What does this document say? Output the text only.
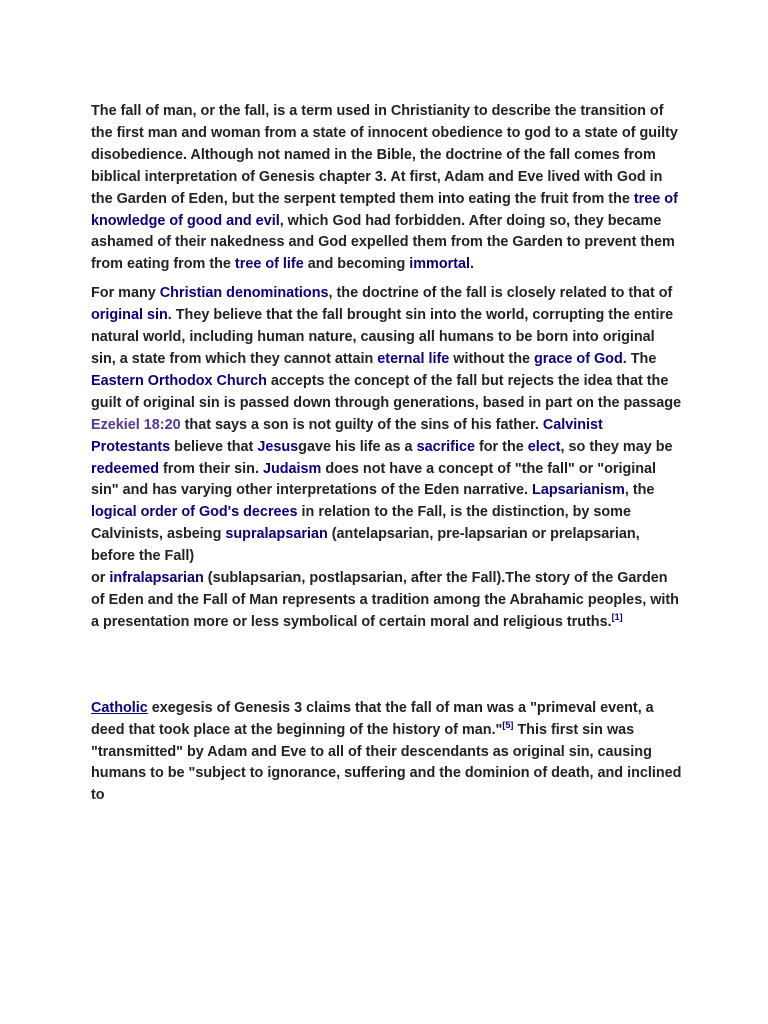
The fall of man, or the fall, is a term used in Christianity to describe the transition of the first man and woman from a state of innocent obedience to god to a state of guilty disobedience. Although not named in the Bible, the doctrine of the fall comes from biblical interpretation of Genesis chapter 3. At first, Adam and Eve lived with God in the Garden of Eden, but the serpent tempted them into eating the fruit from the tree of knowledge of good and evil, which God had forbidden. After doing so, they became ashamed of their nakedness and God expelled them from the Garden to prevent them from eating from the tree of life and becoming immortal.

For many Christian denominations, the doctrine of the fall is closely related to that of original sin. They believe that the fall brought sin into the world, corrupting the entire natural world, including human nature, causing all humans to be born into original sin, a state from which they cannot attain eternal life without the grace of God. The Eastern Orthodox Church accepts the concept of the fall but rejects the idea that the guilt of original sin is passed down through generations, based in part on the passage Ezekiel 18:20 that says a son is not guilty of the sins of his father. Calvinist Protestants believe that Jesusgave his life as a sacrifice for the elect, so they may be redeemed from their sin. Judaism does not have a concept of "the fall" or "original sin" and has varying other interpretations of the Eden narrative. Lapsarianism, the logical order of God's decrees in relation to the Fall, is the distinction, by some Calvinists, asbeing supralapsarian (antelapsarian, pre-lapsarian or prelapsarian, before the Fall)
or infralapsarian (sublapsarian, postlapsarian, after the Fall).The story of the Garden of Eden and the Fall of Man represents a tradition among the Abrahamic peoples, with a presentation more or less symbolical of certain moral and religious truths.[1]

Catholic exegesis of Genesis 3 claims that the fall of man was a "primeval event, a deed that took place at the beginning of the history of man."[5] This first sin was "transmitted" by Adam and Eve to all of their descendants as original sin, causing humans to be "subject to ignorance, suffering and the dominion of death, and inclined to
